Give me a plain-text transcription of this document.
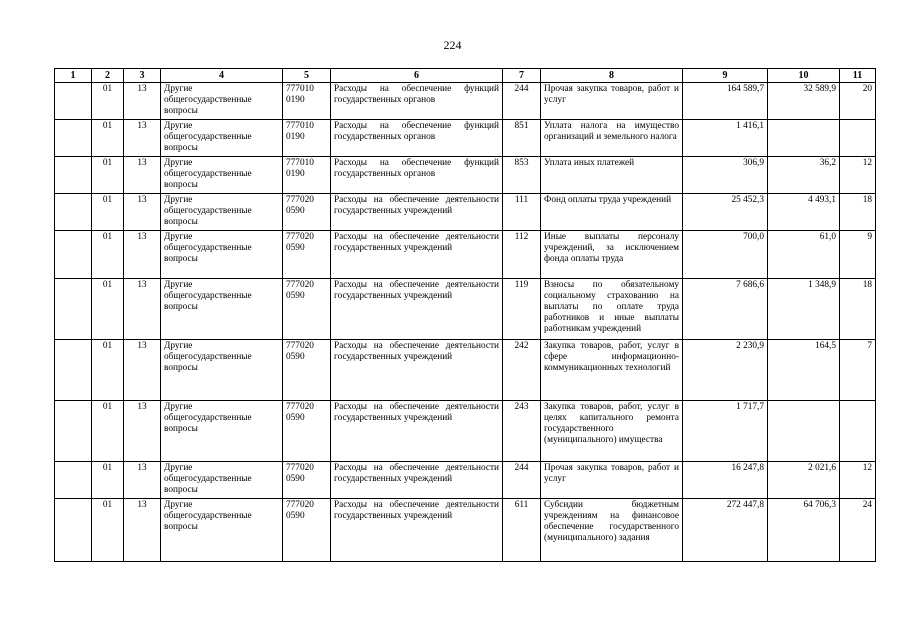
224
1	2	3	4	5	6	7	8	9	10	11
	01	13	Другие общегосударственные вопросы	777010 0190	Расходы на обеспечение функций государственных органов	244	Прочая закупка товаров, работ и услуг	164 589,7	32 589,9	20
	01	13	Другие общегосударственные вопросы	777010 0190	Расходы на обеспечение функций государственных органов	851	Уплата налога на имущество организаций и земельного налога	1 416,1		
	01	13	Другие общегосударственные вопросы	777010 0190	Расходы на обеспечение функций государственных органов	853	Уплата иных платежей	306,9	36,2	12
	01	13	Другие общегосударственные вопросы	777020 0590	Расходы на обеспечение деятельности государственных учреждений	111	Фонд оплаты труда учреждений	25 452,3	4 493,1	18
	01	13	Другие общегосударственные вопросы	777020 0590	Расходы на обеспечение деятельности государственных учреждений	112	Иные выплаты персоналу учреждений, за исключением фонда оплаты труда	700,0	61,0	9
	01	13	Другие общегосударственные вопросы	777020 0590	Расходы на обеспечение деятельности государственных учреждений	119	Взносы по обязательному социальному страхованию на выплаты по оплате труда работников и иные выплаты работникам учреждений	7 686,6	1 348,9	18
	01	13	Другие общегосударственные вопросы	777020 0590	Расходы на обеспечение деятельности государственных учреждений	242	Закупка товаров, работ, услуг в сфере информационно-коммуникационных технологий	2 230,9	164,5	7
	01	13	Другие общегосударственные вопросы	777020 0590	Расходы на обеспечение деятельности государственных учреждений	243	Закупка товаров, работ, услуг в целях капитального ремонта государственного (муниципального) имущества	1 717,7		
	01	13	Другие общегосударственные вопросы	777020 0590	Расходы на обеспечение деятельности государственных учреждений	244	Прочая закупка товаров, работ и услуг	16 247,8	2 021,6	12
	01	13	Другие общегосударственные вопросы	777020 0590	Расходы на обеспечение деятельности государственных учреждений	611	Субсидии бюджетным учреждениям на финансовое обеспечение государственного (муниципального) задания	272 447,8	64 706,3	24
